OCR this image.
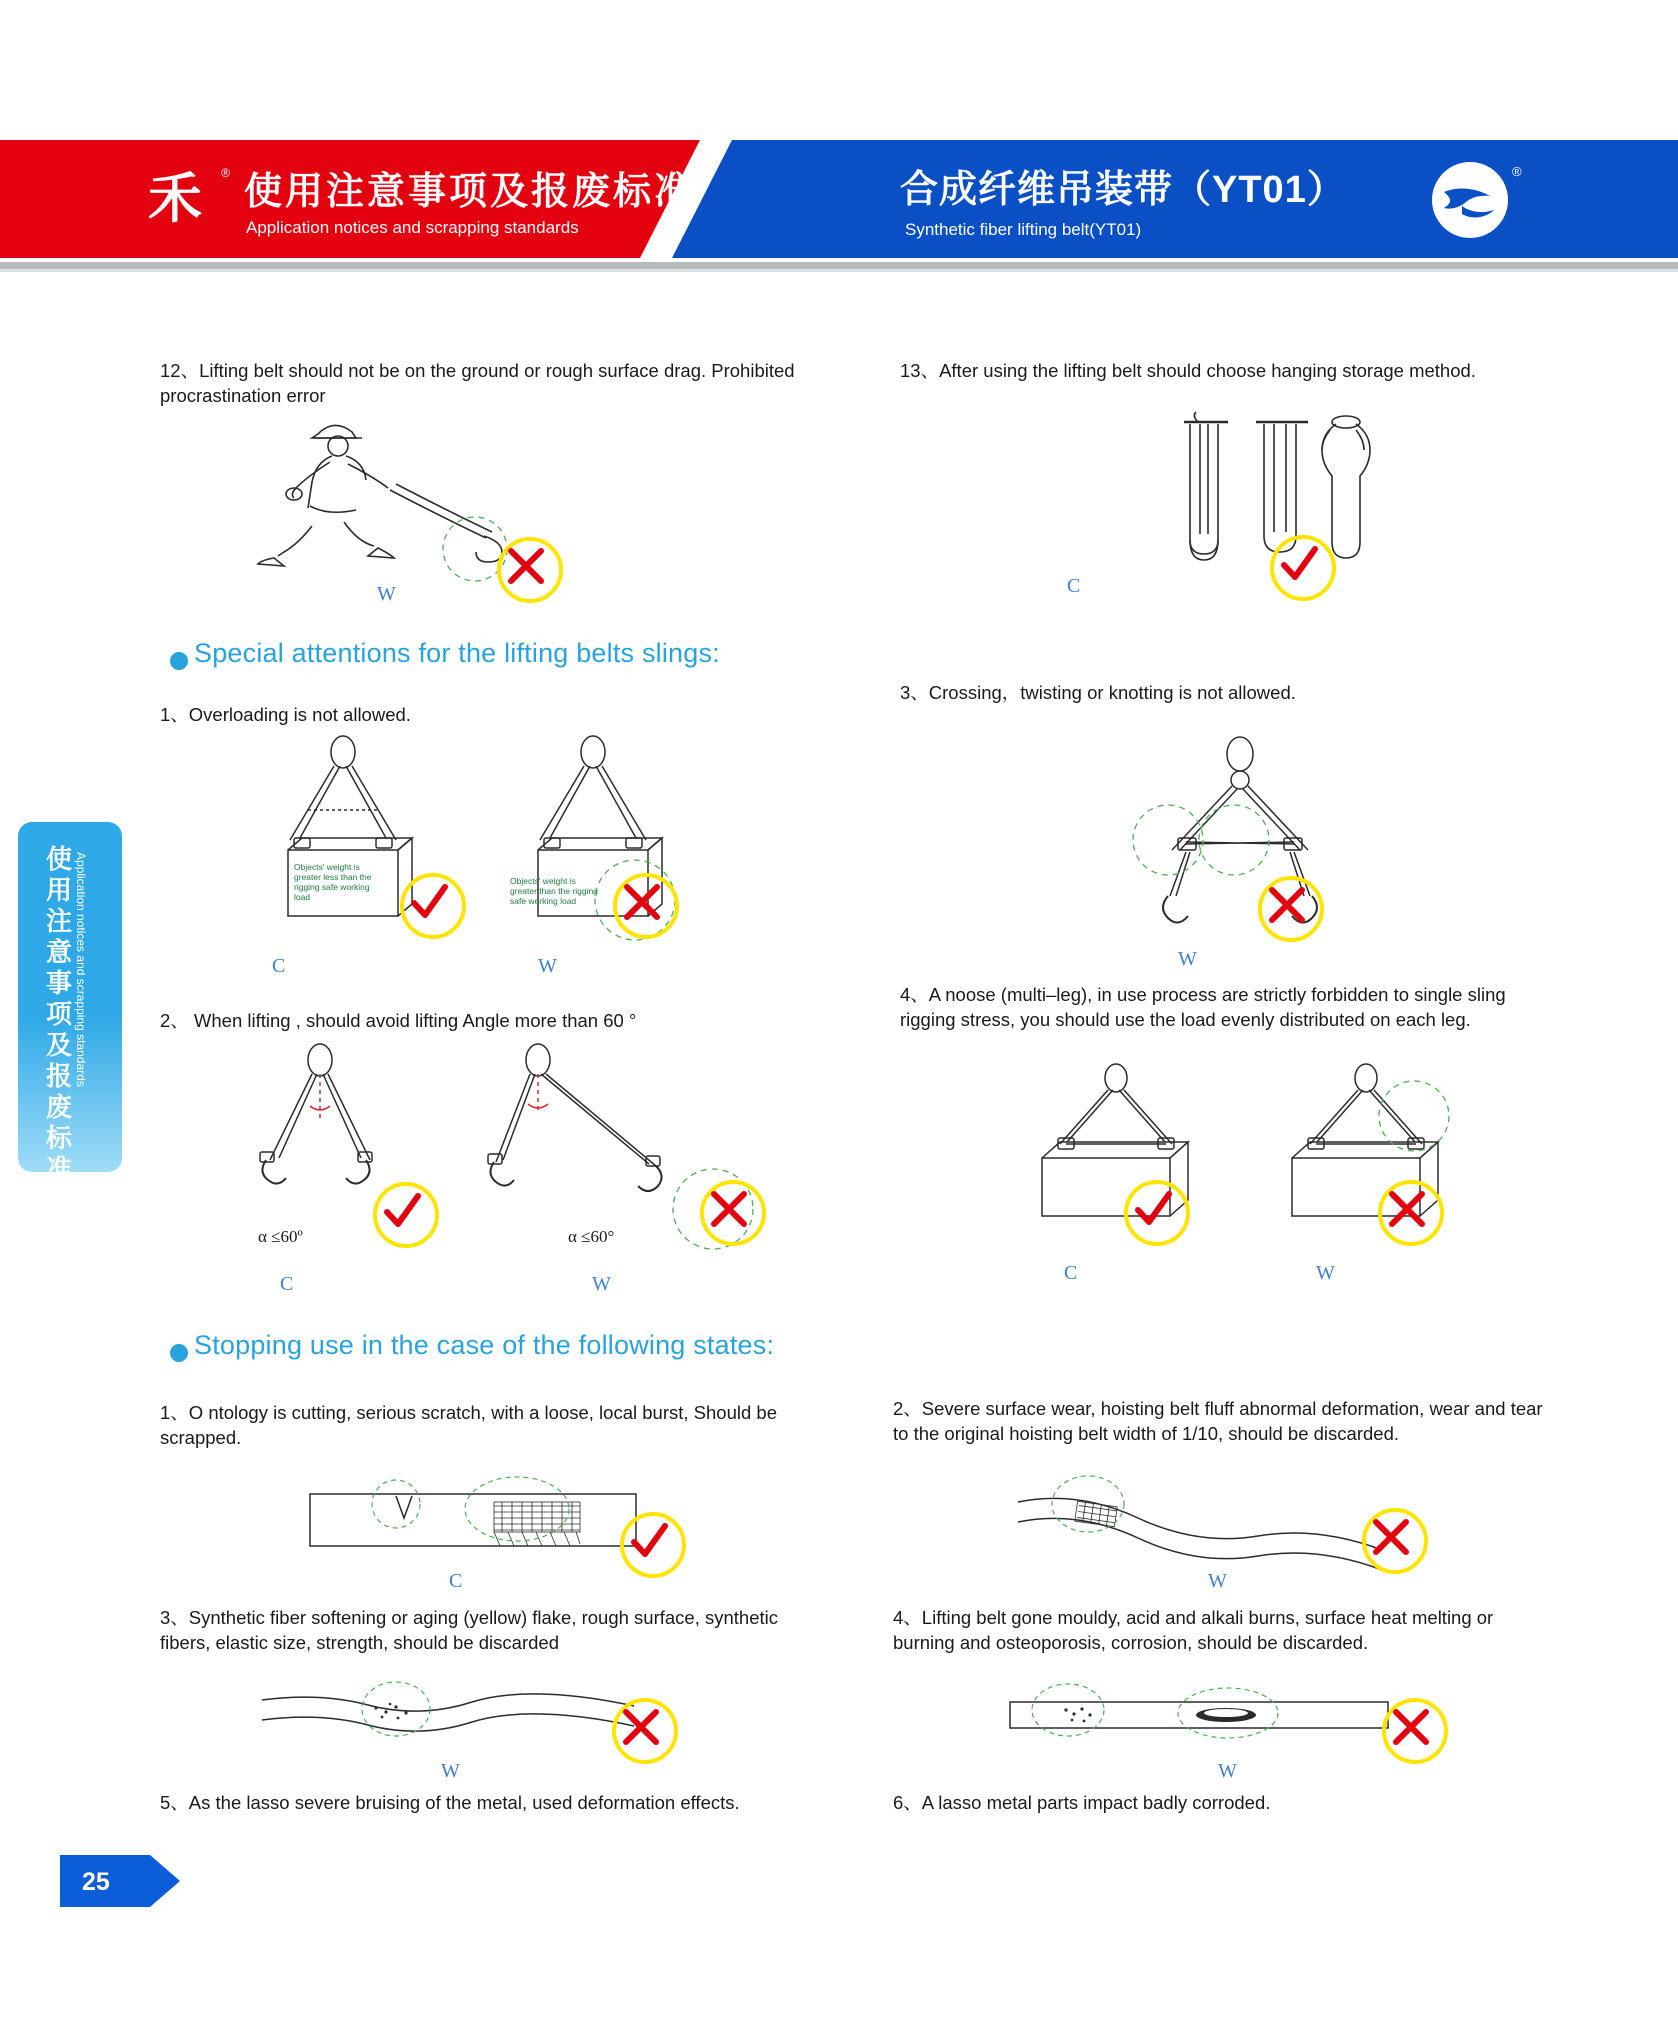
禾 ® 使用注意事项及报废标准
Application notices and scrapping standards
合成纤维吊装带（YT01）
Synthetic fiber lifting belt(YT01)
®
使用注意事项及报废标准
Application notices and scrapping standards
25
12、Lifting belt should not be on the ground or rough surface drag. Prohibited procrastination error
W
13、After using the lifting belt should choose hanging storage method.
C
Special attentions for the lifting belts slings:
1、Overloading is not allowed.
Objects' weight is greater less than the rigging safe working load
C
Objects' weight is greater than the rigging safe working load
W
2、 When lifting , should avoid lifting Angle more than 60 °
α ≤60º
C
α ≤60°
W
3、Crossing，twisting or knotting is not allowed.
W
4、A noose (multi–leg), in use process are strictly forbidden to single sling rigging stress, you should use the load evenly distributed on each leg.
C	W
Stopping use in the case of the following states:
1、O ntology is cutting, serious scratch, with a loose, local burst, Should be scrapped.
2、Severe surface wear, hoisting belt fluff abnormal deformation, wear and tear to the original hoisting belt width of 1/10, should be discarded.
C	W
3、Synthetic fiber softening or aging (yellow) flake, rough surface, synthetic fibers, elastic size, strength, should be discarded
4、Lifting belt gone mouldy, acid and alkali burns, surface heat melting or burning and osteoporosis, corrosion, should be discarded.
W	W
5、As the lasso severe bruising of the metal, used deformation effects.	6、A lasso metal parts impact badly corroded.
